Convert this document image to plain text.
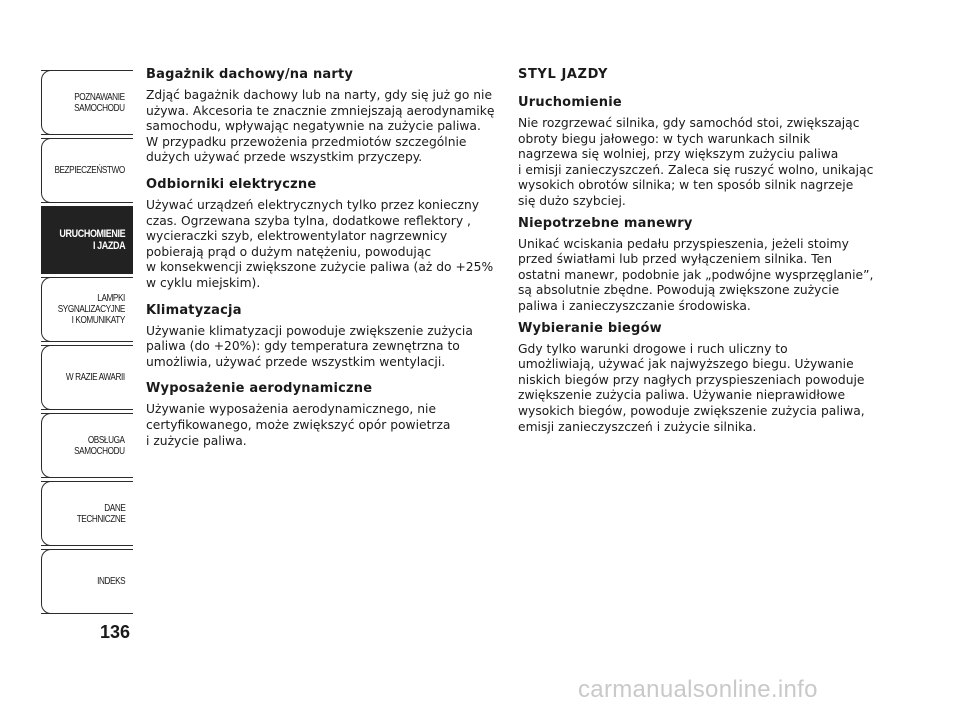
POZNAWANIE
SAMOCHODU
BEZPIECZEŃSTWO
URUCHOMIENIE
I JAZDA
LAMPKI
SYGNALIZACYJNE
I KOMUNIKATY
W RAZIE AWARII
OBSŁUGA
SAMOCHODU
DANE
TECHNICZNE
INDEKS
136
Bagażnik dachowy/na narty
Zdjąć bagażnik dachowy lub na narty, gdy się już go nie
używa. Akcesoria te znacznie zmniejszają aerodynamikę
samochodu, wpływając negatywnie na zużycie paliwa.
W przypadku przewożenia przedmiotów szczególnie
dużych używać przede wszystkim przyczepy.
Odbiorniki elektryczne
Używać urządzeń elektrycznych tylko przez konieczny
czas. Ogrzewana szyba tylna, dodatkowe reflektory ,
wycieraczki szyb, elektrowentylator nagrzewnicy
pobierają prąd o dużym natężeniu, powodując
w konsekwencji zwiększone zużycie paliwa (aż do +25%
w cyklu miejskim).
Klimatyzacja
Używanie klimatyzacji powoduje zwiększenie zużycia
paliwa (do +20%): gdy temperatura zewnętrzna to
umożliwia, używać przede wszystkim wentylacji.
Wyposażenie aerodynamiczne
Używanie wyposażenia aerodynamicznego, nie
certyfikowanego, może zwiększyć opór powietrza
i zużycie paliwa.
STYL JAZDY
Uruchomienie
Nie rozgrzewać silnika, gdy samochód stoi, zwiększając
obroty biegu jałowego: w tych warunkach silnik
nagrzewa się wolniej, przy większym zużyciu paliwa
i emisji zanieczyszczeń. Zaleca się ruszyć wolno, unikając
wysokich obrotów silnika; w ten sposób silnik nagrzeje
się dużo szybciej.
Niepotrzebne manewry
Unikać wciskania pedału przyspieszenia, jeżeli stoimy
przed światłami lub przed wyłączeniem silnika. Ten
ostatni manewr, podobnie jak „podwójne wysprzęglanie”,
są absolutnie zbędne. Powodują zwiększone zużycie
paliwa i zanieczyszczanie środowiska.
Wybieranie biegów
Gdy tylko warunki drogowe i ruch uliczny to
umożliwiają, używać jak najwyższego biegu. Używanie
niskich biegów przy nagłych przyspieszeniach powoduje
zwiększenie zużycia paliwa. Używanie nieprawidłowe
wysokich biegów, powoduje zwiększenie zużycia paliwa,
emisji zanieczyszczeń i zużycie silnika.
carmanualsonline.info
